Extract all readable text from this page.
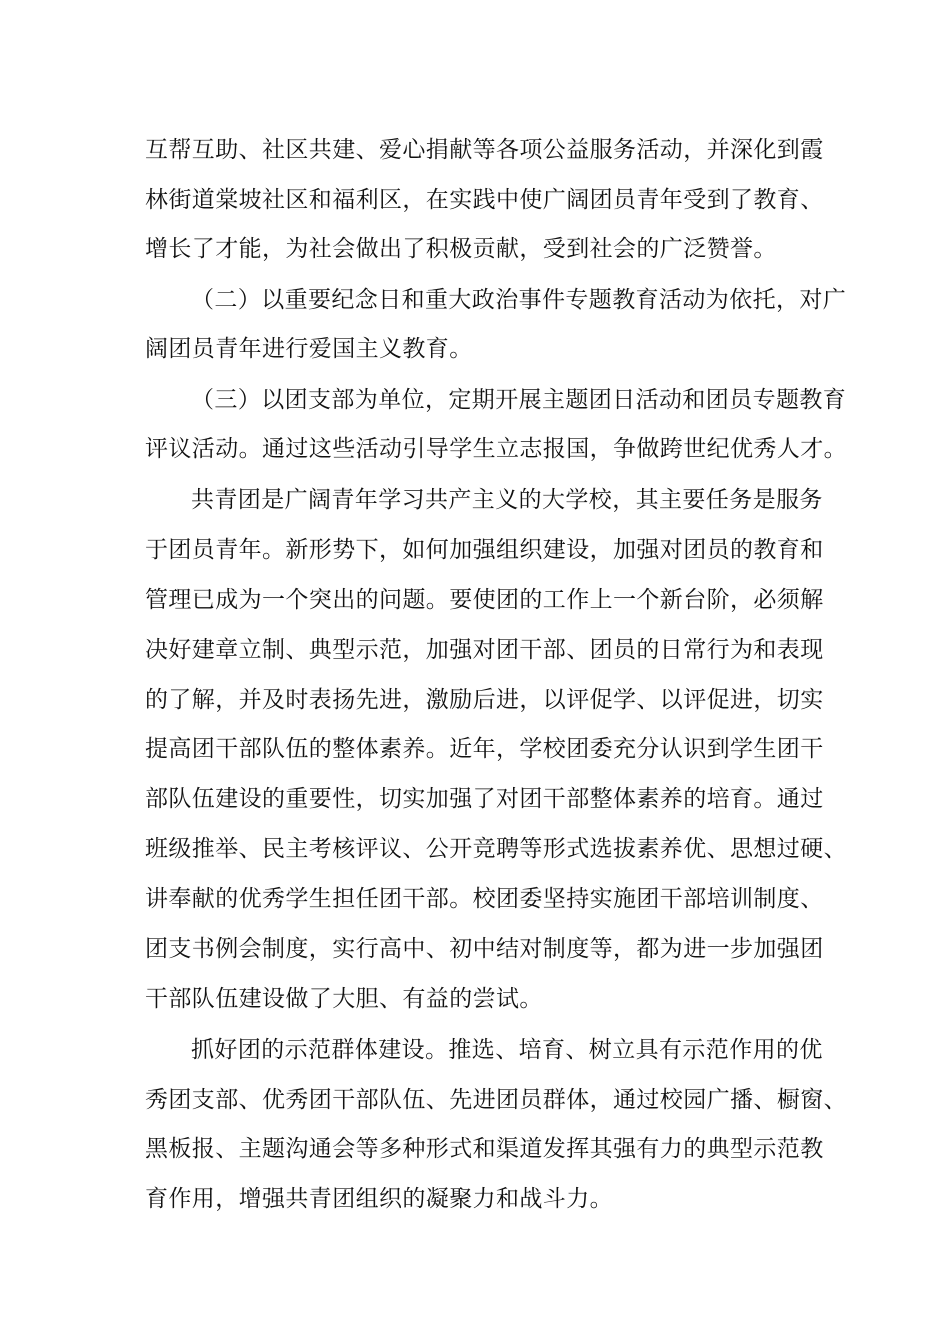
互帮互助、社区共建、爱心捐献等各项公益服务活动，并深化到霞
林街道棠坡社区和福利区，在实践中使广阔团员青年受到了教育、
增长了才能，为社会做出了积极贡献，受到社会的广泛赞誉。
（二）以重要纪念日和重大政治事件专题教育活动为依托，对广
阔团员青年进行爱国主义教育。
（三）以团支部为单位，定期开展主题团日活动和团员专题教育
评议活动。通过这些活动引导学生立志报国，争做跨世纪优秀人才。
共青团是广阔青年学习共产主义的大学校，其主要任务是服务
于团员青年。新形势下，如何加强组织建设，加强对团员的教育和
管理已成为一个突出的问题。要使团的工作上一个新台阶，必须解
决好建章立制、典型示范，加强对团干部、团员的日常行为和表现
的了解，并及时表扬先进，激励后进，以评促学、以评促进，切实
提高团干部队伍的整体素养。近年，学校团委充分认识到学生团干
部队伍建设的重要性，切实加强了对团干部整体素养的培育。通过
班级推举、民主考核评议、公开竞聘等形式选拔素养优、思想过硬、
讲奉献的优秀学生担任团干部。校团委坚持实施团干部培训制度、
团支书例会制度，实行高中、初中结对制度等，都为进一步加强团
干部队伍建设做了大胆、有益的尝试。
抓好团的示范群体建设。推选、培育、树立具有示范作用的优
秀团支部、优秀团干部队伍、先进团员群体，通过校园广播、橱窗、
黑板报、主题沟通会等多种形式和渠道发挥其强有力的典型示范教
育作用，增强共青团组织的凝聚力和战斗力。
